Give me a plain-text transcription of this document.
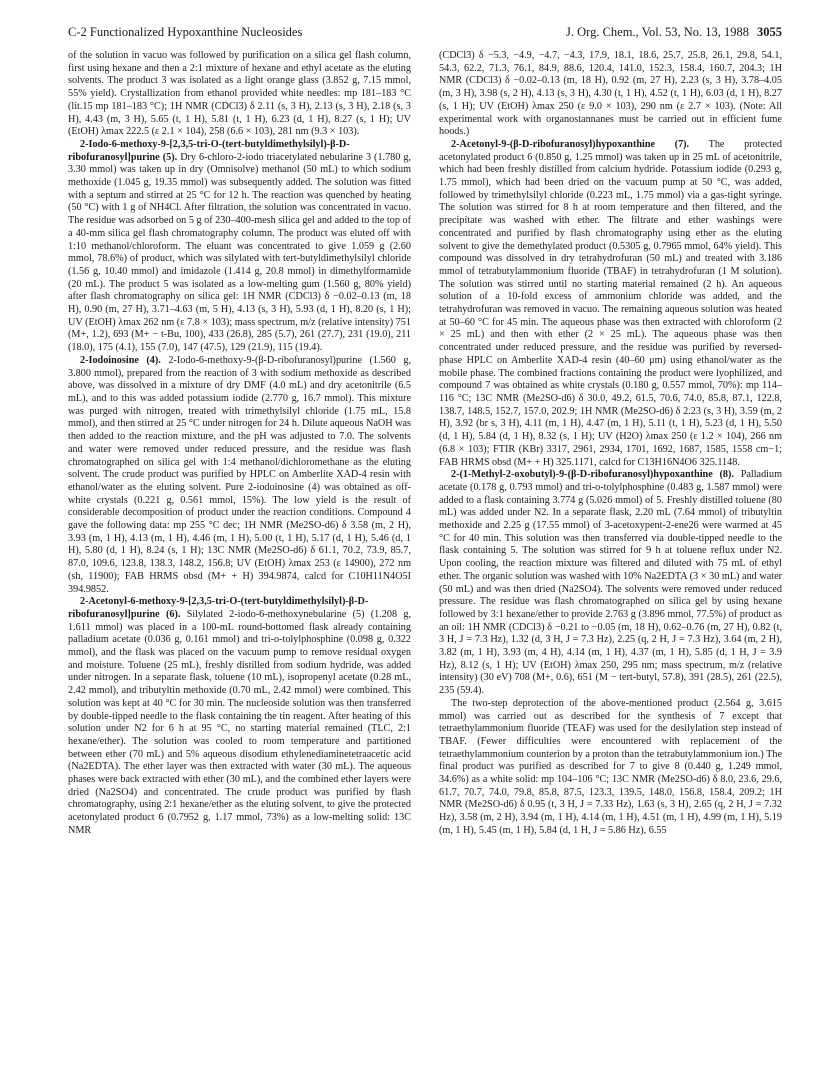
C-2 Functionalized Hypoxanthine Nucleosides	J. Org. Chem., Vol. 53, No. 13, 1988 3055

of the solution in vacuo was followed by purification on a silica gel flash column, first using hexane and then a 2:1 mixture of hexane and ethyl acetate as the eluting solvents. The product 3 was isolated as a light orange glass (3.852 g, 7.15 mmol, 55% yield). Crystallization from ethanol provided white needles: mp 181–183 °C (lit.15 mp 181–183 °C); 1H NMR (CDCl3) δ 2.11 (s, 3 H), 2.13 (s, 3 H), 2.18 (s, 3 H), 4.43 (m, 3 H), 5.65 (t, 1 H), 5.81 (t, 1 H), 6.23 (d, 1 H), 8.27 (s, 1 H); UV (EtOH) λmax 222.5 (ε 2.1 × 104), 258 (6.6 × 103), 281 nm (9.3 × 103).

2-Iodo-6-methoxy-9-[2,3,5-tri-O-(tert-butyldimethylsilyl)-β-D-ribofuranosyl]purine (5). Dry 6-chloro-2-iodo triacetylated nebularine 3 (1.780 g, 3.30 mmol) was taken up in dry (Omnisolve) methanol (50 mL) to which sodium methoxide (1.045 g, 19.35 mmol) was subsequently added. The solution was fitted with a septum and stirred at 25 °C for 12 h. The reaction was quenched by heating (50 °C) with 1 g of NH4Cl. After filtration, the solution was concentrated in vacuo. The residue was adsorbed on 5 g of 230–400-mesh silica gel and added to the top of a 40-mm silica gel flash chromatography column. The product was eluted off with 1:10 methanol/chloroform. The eluant was concentrated to give 1.059 g (2.60 mmol, 78.6%) of product, which was silylated with tert-butyldimethylsilyl chloride (1.56 g, 10.40 mmol) and imidazole (1.414 g, 20.8 mmol) in dimethylformamide (20 mL). The product 5 was isolated as a low-melting gum (1.560 g, 80% yield) after flash chromatography on silica gel: 1H NMR (CDCl3) δ −0.02–0.13 (m, 18 H), 0.90 (m, 27 H), 3.71–4.63 (m, 5 H), 4.13 (s, 3 H), 5.93 (d, 1 H), 8.20 (s, 1 H); UV (EtOH) λmax 262 nm (ε 7.8 × 103); mass spectrum, m/z (relative intensity) 751 (M+, 1.2), 693 (M+ − t-Bu, 100), 433 (26.8), 285 (5.7), 261 (27.7), 231 (19.0), 211 (18.0), 175 (4.1), 155 (7.0), 147 (47.5), 129 (21.9), 115 (19.4).

2-Iodoinosine (4). 2-Iodo-6-methoxy-9-(β-D-ribofuranosyl)purine (1.560 g, 3.800 mmol), prepared from the reaction of 3 with sodium methoxide as described above, was dissolved in a mixture of dry DMF (4.0 mL) and dry acetonitrile (6.5 mL), and to this was added potassium iodide (2.770 g, 16.7 mmol). This mixture was purged with nitrogen, treated with trimethylsilyl chloride (1.75 mL, 15.8 mmol), and then stirred at 25 °C under nitrogen for 24 h. Dilute aqueous NaOH was then added to the reaction mixture, and the pH was adjusted to 7.0. The solvents and water were removed under reduced pressure, and the residue was flash chromatographed on silica gel with 1:4 methanol/dichloromethane as the eluting solvent. The crude product was purified by HPLC on Amberlite XAD-4 resin with ethanol/water as the eluting solvent. Pure 2-iodoinosine (4) was obtained as off-white crystals (0.221 g, 0.561 mmol, 15%). The low yield is the result of considerable decomposition of product under the reaction conditions. Compound 4 gave the following data: mp 255 °C dec; 1H NMR (Me2SO-d6) δ 3.58 (m, 2 H), 3.93 (m, 1 H), 4.13 (m, 1 H), 4.46 (m, 1 H), 5.00 (t, 1 H), 5.17 (d, 1 H), 5.46 (d, 1 H), 5.80 (d, 1 H), 8.24 (s, 1 H); 13C NMR (Me2SO-d6) δ 61.1, 70.2, 73.9, 85.7, 87.0, 109.6, 123.8, 138.3, 148.2, 156.8; UV (EtOH) λmax 253 (ε 14900), 272 nm (sh, 11900); FAB HRMS obsd (M+ + H) 394.9874, calcd for C10H11N4O5I 394.9852.

2-Acetonyl-6-methoxy-9-[2,3,5-tri-O-(tert-butyldimethylsilyl)-β-D-ribofuranosyl]purine (6). Silylated 2-iodo-6-methoxynebularine (5) (1.208 g, 1.611 mmol) was placed in a 100-mL round-bottomed flask already containing palladium acetate (0.036 g, 0.161 mmol) and tri-o-tolylphosphine (0.098 g, 0.322 mmol), and the flask was placed on the vacuum pump to remove residual oxygen and moisture. Toluene (25 mL), freshly distilled from sodium hydride, was added under nitrogen. In a separate flask, toluene (10 mL), isopropenyl acetate (0.28 mL, 2.42 mmol), and tributyltin methoxide (0.70 mL, 2.42 mmol) were combined. This solution was kept at 40 °C for 30 min. The nucleoside solution was then transferred by double-tipped needle to the flask containing the tin reagent. After heating of this solution under N2 for 6 h at 95 °C, no starting material remained (TLC, 2:1 hexane/ether). The solution was cooled to room temperature and partitioned between ether (70 mL) and 5% aqueous disodium ethylenediaminetetraacetic acid (Na2EDTA). The ether layer was then extracted with water (30 mL). The aqueous phases were back extracted with ether (30 mL), and the combined ether layers were dried (Na2SO4) and concentrated. The crude product was purified by flash chromatography, using 2:1 hexane/ether as the eluting solvent, to give the protected acetonylated product 6 (0.7952 g, 1.17 mmol, 73%) as a low-melting solid: 13C NMR

(CDCl3) δ −5.3, −4.9, −4.7, −4.3, 17.9, 18.1, 18.6, 25.7, 25.8, 26.1, 29.8, 54.1, 54.3, 62.2, 71.3, 76.1, 84.9, 88.6, 120.4, 141.0, 152.3, 158.4, 160.7, 204.3; 1H NMR (CDCl3) δ −0.02–0.13 (m, 18 H), 0.92 (m, 27 H), 2.23 (s, 3 H), 3.78–4.05 (m, 3 H), 3.98 (s, 2 H), 4.13 (s, 3 H), 4.30 (t, 1 H), 4.52 (t, 1 H), 6.03 (d, 1 H), 8.27 (s, 1 H); UV (EtOH) λmax 250 (ε 9.0 × 103), 290 nm (ε 2.7 × 103). (Note: All experimental work with organostannanes must be carried out in efficient fume hoods.)

2-Acetonyl-9-(β-D-ribofuranosyl)hypoxanthine (7). The protected acetonylated product 6 (0.850 g, 1.25 mmol) was taken up in 25 mL of acetonitrile, which had been freshly distilled from calcium hydride. Potassium iodide (0.293 g, 1.75 mmol), which had been dried on the vacuum pump at 50 °C, was added, followed by trimethylsilyl chloride (0.223 mL, 1.75 mmol) via a gas-tight syringe. The solution was stirred for 8 h at room temperature and then filtered, and the precipitate was washed with ether. The filtrate and ether washings were concentrated and purified by flash chromatography using ether as the eluting solvent to give the demethylated product (0.5305 g, 0.7965 mmol, 64% yield). This compound was dissolved in dry tetrahydrofuran (50 mL) and treated with 3.186 mmol of tetrabutylammonium fluoride (TBAF) in tetrahydrofuran (1 M solution). The solution was stirred until no starting material remained (2 h). An aqueous solution of a 10-fold excess of ammonium chloride was added, and the tetrahydrofuran was removed in vacuo. The remaining aqueous solution was heated at 50–60 °C for 45 min. The aqueous phase was then extracted with chloroform (2 × 25 mL) and then with ether (2 × 25 mL). The aqueous phase was then concentrated under reduced pressure, and the residue was purified by reversed-phase HPLC on Amberlite XAD-4 resin (40–60 μm) using ethanol/water as the mobile phase. The combined fractions containing the product were lyophilized, and compound 7 was obtained as white crystals (0.180 g, 0.557 mmol, 70%): mp 114–116 °C; 13C NMR (Me2SO-d6) δ 30.0, 49.2, 61.5, 70.6, 74.0, 85.8, 87.1, 122.8, 138.7, 148.5, 152.7, 157.0, 202.9; 1H NMR (Me2SO-d6) δ 2.23 (s, 3 H), 3.59 (m, 2 H), 3.92 (br s, 3 H), 4.11 (m, 1 H), 4.47 (m, 1 H), 5.11 (t, 1 H), 5.23 (d, 1 H), 5.50 (d, 1 H), 5.84 (d, 1 H), 8.32 (s, 1 H); UV (H2O) λmax 250 (ε 1.2 × 104), 266 nm (6.8 × 103); FTIR (KBr) 3317, 2961, 2934, 1701, 1692, 1687, 1585, 1558 cm−1; FAB HRMS obsd (M+ + H) 325.1171, calcd for C13H16N4O6 325.1148.

2-(1-Methyl-2-oxobutyl)-9-(β-D-ribofuranosyl)hypoxanthine (8). Palladium acetate (0.178 g, 0.793 mmol) and tri-o-tolylphosphine (0.483 g, 1.587 mmol) were added to a flask containing 3.774 g (5.026 mmol) of 5. Freshly distilled toluene (80 mL) was added under N2. In a separate flask, 2.20 mL (7.64 mmol) of tributyltin methoxide and 2.25 g (17.55 mmol) of 3-acetoxypent-2-ene26 were warmed at 45 °C for 40 min. This solution was then transferred via double-tipped needle to the flask containing 5. The solution was stirred for 9 h at toluene reflux under N2. Upon cooling, the reaction mixture was filtered and diluted with 75 mL of ethyl ether. The organic solution was washed with 10% Na2EDTA (3 × 30 mL) and water (50 mL) and was then dried (Na2SO4). The solvents were removed under reduced pressure. The residue was flash chromatographed on silica gel by using hexane followed by 3:1 hexane/ether to provide 2.763 g (3.896 mmol, 77.5%) of product as an oil: 1H NMR (CDCl3) δ −0.21 to −0.05 (m, 18 H), 0.62–0.76 (m, 27 H), 0.82 (t, 3 H, J = 7.3 Hz), 1.32 (d, 3 H, J = 7.3 Hz), 2.25 (q, 2 H, J = 7.3 Hz), 3.64 (m, 2 H), 3.82 (m, 1 H), 3.93 (m, 4 H), 4.14 (m, 1 H), 4.37 (m, 1 H), 5.85 (d, 1 H, J = 3.9 Hz), 8.12 (s, 1 H); UV (EtOH) λmax 250, 295 nm; mass spectrum, m/z (relative intensity) (30 eV) 708 (M+, 0.6), 651 (M − tert-butyl, 57.8), 391 (28.5), 261 (22.5), 235 (59.4).

The two-step deprotection of the above-mentioned product (2.564 g, 3.615 mmol) was carried out as described for the synthesis of 7 except that tetraethylammonium fluoride (TEAF) was used for the desilylation step instead of TBAF. (Fewer difficulties were encountered with replacement of the tetraethylammonium counterion by a proton than the tetrabutylammonium ion.) The final product was purified as described for 7 to give 8 (0.440 g, 1.249 mmol, 34.6%) as a white solid: mp 104–106 °C; 13C NMR (Me2SO-d6) δ 8.0, 23.6, 29.6, 61.7, 70.7, 74.0, 79.8, 85.8, 87.5, 123.3, 139.5, 148.0, 156.8, 158.4, 209.2; 1H NMR (Me2SO-d6) δ 0.95 (t, 3 H, J = 7.33 Hz), 1.63 (s, 3 H), 2.65 (q, 2 H, J = 7.32 Hz), 3.58 (m, 2 H), 3.94 (m, 1 H), 4.14 (m, 1 H), 4.51 (m, 1 H), 4.99 (m, 1 H), 5.19 (m, 1 H), 5.45 (m, 1 H), 5.84 (d, 1 H, J = 5.86 Hz), 6.55
